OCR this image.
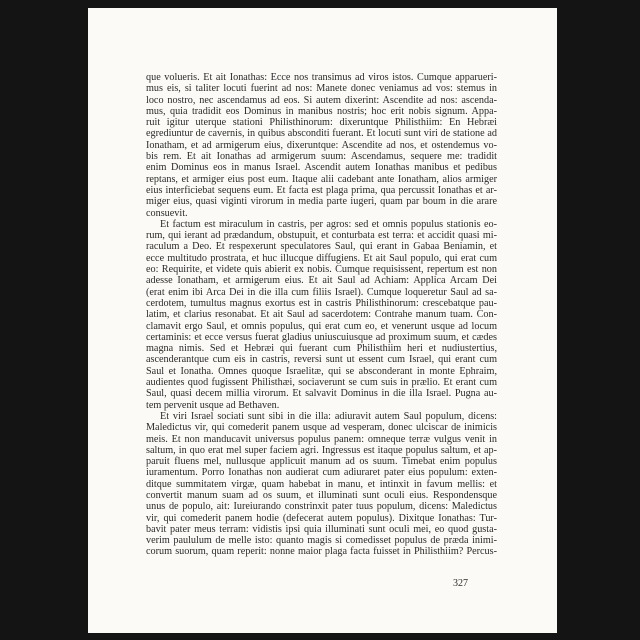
que volueris. Et ait Ionathas: Ecce nos transimus ad viros istos. Cumque apparueri-
mus eis, si taliter locuti fuerint ad nos: Manete donec veniamus ad vos: stemus in
loco nostro, nec ascendamus ad eos. Si autem dixerint: Ascendite ad nos: ascenda-
mus, quia tradidit eos Dominus in manibus nostris; hoc erit nobis signum. Appa-
ruit igitur uterque stationi Philisthinorum: dixeruntque Philisthiim: En Hebræi
egrediuntur de cavernis, in quibus absconditi fuerant. Et locuti sunt viri de statione ad
Ionatham, et ad armigerum eius, dixeruntque: Ascendite ad nos, et ostendemus vo-
bis rem. Et ait Ionathas ad armigerum suum: Ascendamus, sequere me: tradidit
enim Dominus eos in manus Israel. Ascendit autem Ionathas manibus et pedibus
reptans, et armiger eius post eum. Itaque alii cadebant ante Ionatham, alios armiger
eius interficiebat sequens eum. Et facta est plaga prima, qua percussit Ionathas et ar-
miger eius, quasi viginti virorum in media parte iugeri, quam par boum in die arare
consuevit.
Et factum est miraculum in castris, per agros: sed et omnis populus stationis eo-
rum, qui ierant ad prædandum, obstupuit, et conturbata est terra: et accidit quasi mi-
raculum a Deo. Et respexerunt speculatores Saul, qui erant in Gabaa Beniamin, et
ecce multitudo prostrata, et huc illucque diffugiens. Et ait Saul populo, qui erat cum
eo: Requirite, et videte quis abierit ex nobis. Cumque requisissent, repertum est non
adesse Ionatham, et armigerum eius. Et ait Saul ad Achiam: Applica Arcam Dei
(erat enim ibi Arca Dei in die illa cum filiis Israel). Cumque loqueretur Saul ad sa-
cerdotem, tumultus magnus exortus est in castris Philisthinorum: crescebatque pau-
latim, et clarius resonabat. Et ait Saul ad sacerdotem: Contrahe manum tuam. Con-
clamavit ergo Saul, et omnis populus, qui erat cum eo, et venerunt usque ad locum
certaminis: et ecce versus fuerat gladius uniuscuiusque ad proximum suum, et cædes
magna nimis. Sed et Hebræi qui fuerant cum Philisthiim heri et nudiustertius,
ascenderantque cum eis in castris, reversi sunt ut essent cum Israel, qui erant cum
Saul et Ionatha. Omnes quoque Israelitæ, qui se absconderant in monte Ephraim,
audientes quod fugissent Philisthæi, sociaverunt se cum suis in prælio. Et erant cum
Saul, quasi decem millia virorum. Et salvavit Dominus in die illa Israel. Pugna au-
tem pervenit usque ad Bethaven.
Et viri Israel sociati sunt sibi in die illa: adiuravit autem Saul populum, dicens:
Maledictus vir, qui comederit panem usque ad vesperam, donec ulciscar de inimicis
meis. Et non manducavit universus populus panem: omneque terræ vulgus venit in
saltum, in quo erat mel super faciem agri. Ingressus est itaque populus saltum, et ap-
paruit fluens mel, nullusque applicuit manum ad os suum. Timebat enim populus
iuramentum. Porro Ionathas non audierat cum adiuraret pater eius populum: exten-
ditque summitatem virgæ, quam habebat in manu, et intinxit in favum mellis: et
convertit manum suam ad os suum, et illuminati sunt oculi eius. Respondensque
unus de populo, ait: Iureiurando constrinxit pater tuus populum, dicens: Maledictus
vir, qui comederit panem hodie (defecerat autem populus). Dixitque Ionathas: Tur-
bavit pater meus terram: vidistis ipsi quia illuminati sunt oculi mei, eo quod gusta-
verim paululum de melle isto: quanto magis si comedisset populus de præda inimi-
corum suorum, quam reperit: nonne maior plaga facta fuisset in Philisthiim? Percus-
327
